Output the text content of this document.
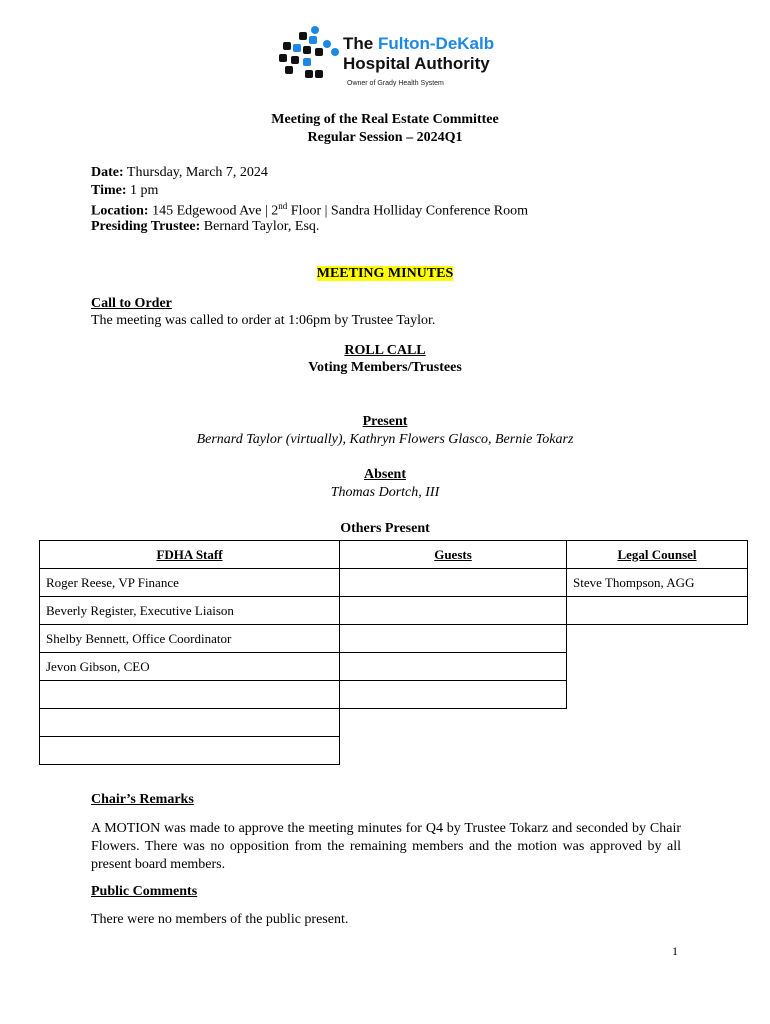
The Fulton-DeKalb
Hospital Authority
Owner of Grady Health System
Meeting of the Real Estate Committee
Regular Session – 2024Q1
Date: Thursday, March 7, 2024
Time: 1 pm
Location: 145 Edgewood Ave | 2nd Floor | Sandra Holliday Conference Room
Presiding Trustee: Bernard Taylor, Esq.
MEETING MINUTES
Call to Order
The meeting was called to order at 1:06pm by Trustee Taylor.
ROLL CALL
Voting Members/Trustees
Present
Bernard Taylor (virtually), Kathryn Flowers Glasco, Bernie Tokarz
Absent
Thomas Dortch, III
Others Present
FDHA Staff	Guests	Legal Counsel
Roger Reese, VP Finance		Steve Thompson, AGG
Beverly Register, Executive Liaison		
Shelby Bennett, Office Coordinator		
Jevon Gibson, CEO		

Chair’s Remarks
A MOTION was made to approve the meeting minutes for Q4 by Trustee Tokarz and seconded by Chair Flowers. There was no opposition from the remaining members and the motion was approved by all present board members.
Public Comments
There were no members of the public present.
1
